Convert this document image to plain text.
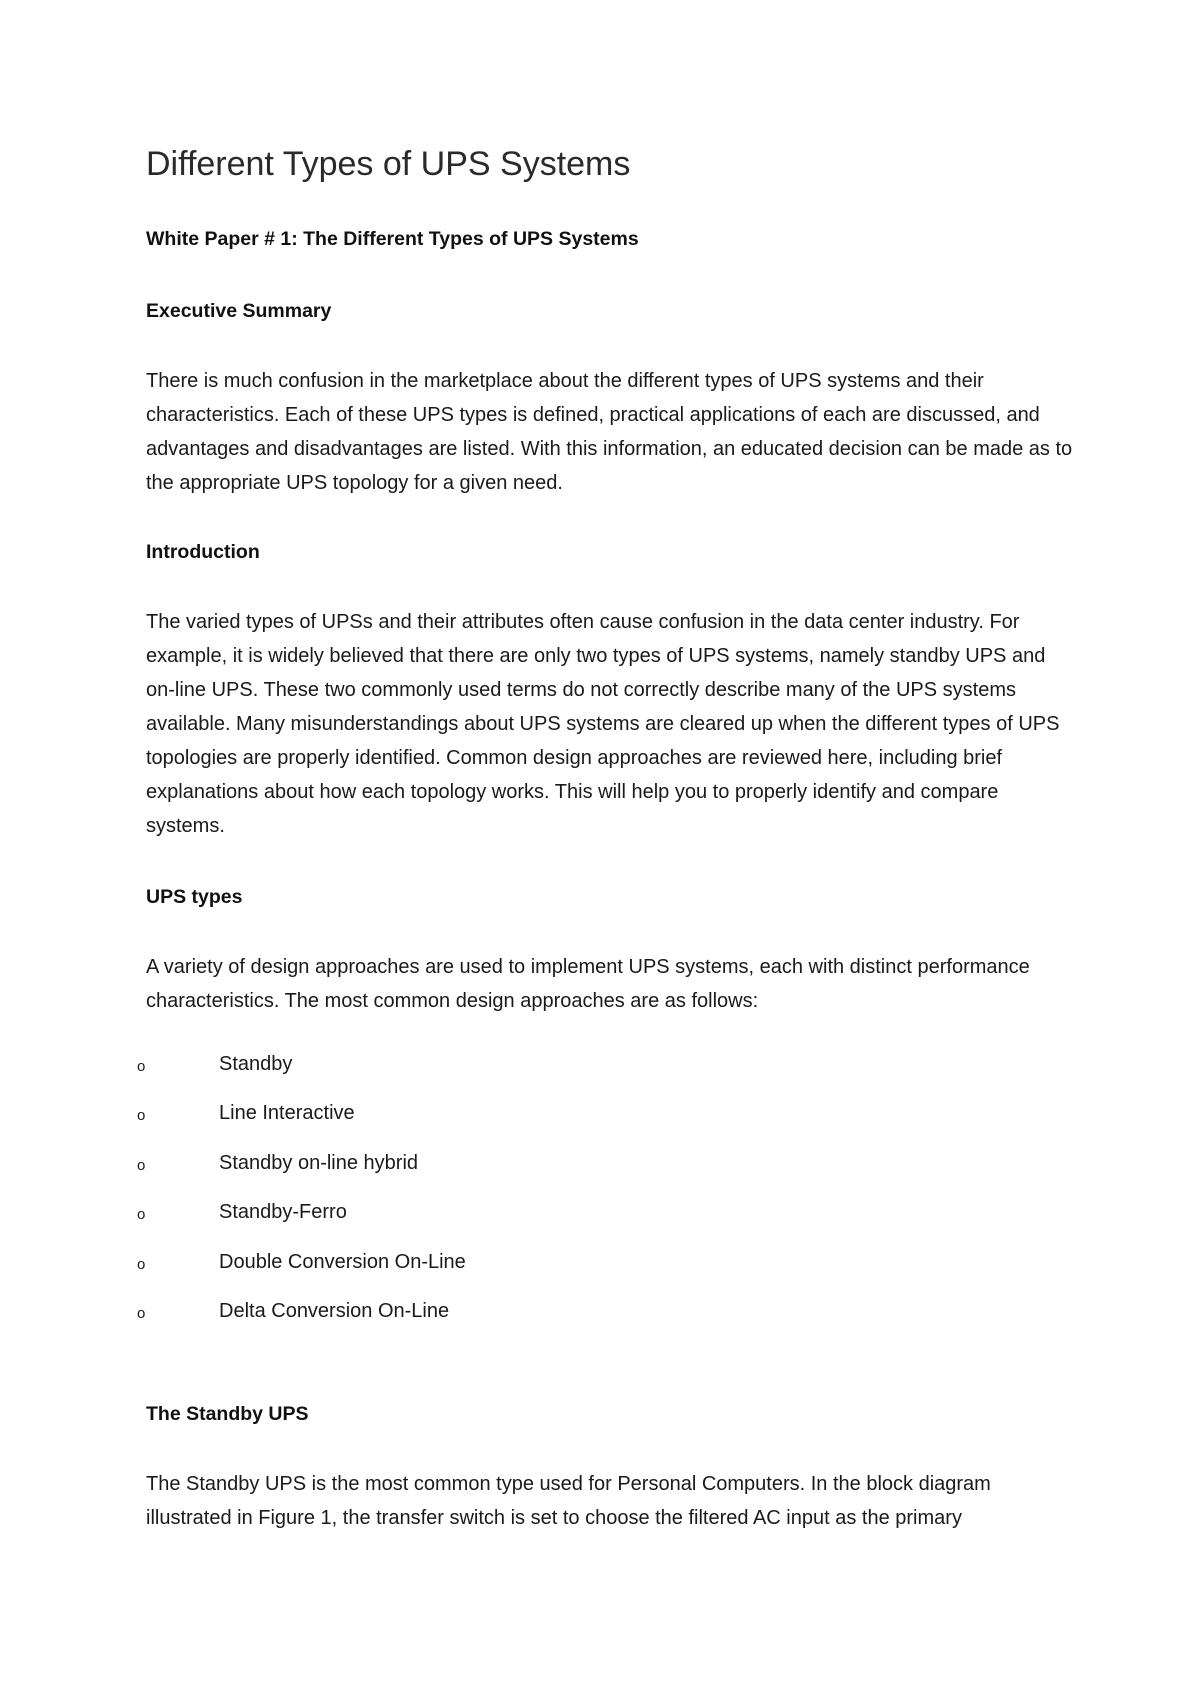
Different Types of UPS Systems

White Paper # 1: The Different Types of UPS Systems

Executive Summary

There is much confusion in the marketplace about the different types of UPS systems and their characteristics. Each of these UPS types is defined, practical applications of each are discussed, and advantages and disadvantages are listed. With this information, an educated decision can be made as to the appropriate UPS topology for a given need.

Introduction

The varied types of UPSs and their attributes often cause confusion in the data center industry. For example, it is widely believed that there are only two types of UPS systems, namely standby UPS and on-line UPS. These two commonly used terms do not correctly describe many of the UPS systems available. Many misunderstandings about UPS systems are cleared up when the different types of UPS topologies are properly identified. Common design approaches are reviewed here, including brief explanations about how each topology works. This will help you to properly identify and compare systems.

UPS types

A variety of design approaches are used to implement UPS systems, each with distinct performance characteristics. The most common design approaches are as follows:

o	Standby
o	Line Interactive
o	Standby on-line hybrid
o	Standby-Ferro
o	Double Conversion On-Line
o	Delta Conversion On-Line
The Standby UPS

The Standby UPS is the most common type used for Personal Computers. In the block diagram illustrated in Figure 1, the transfer switch is set to choose the filtered AC input as the primary
